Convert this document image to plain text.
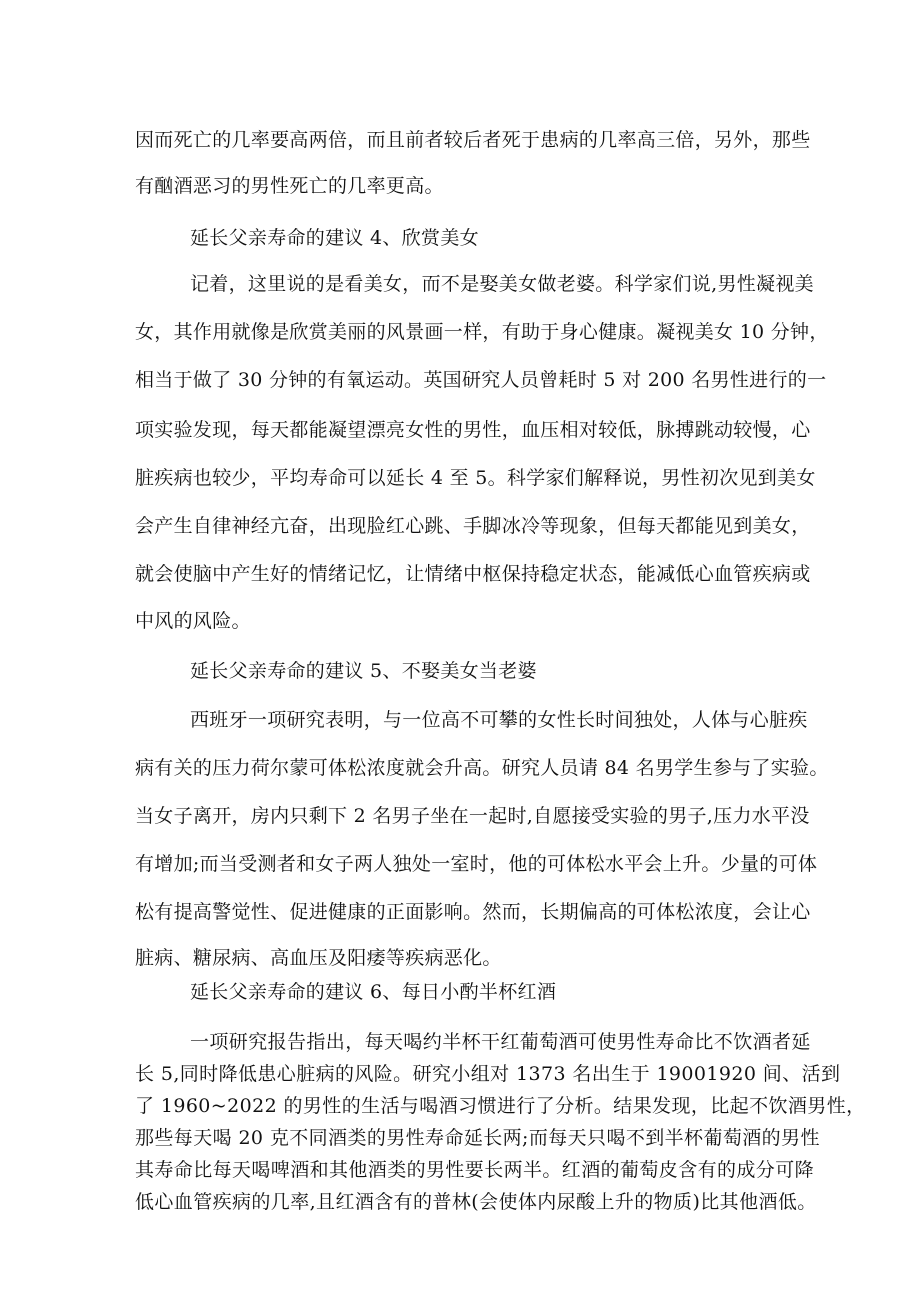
因而死亡的几率要高两倍，而且前者较后者死于患病的几率高三倍，另外，那些

有酗酒恶习的男性死亡的几率更高。

延长父亲寿命的建议 4、欣赏美女

记着，这里说的是看美女，而不是娶美女做老婆。科学家们说,男性凝视美

女，其作用就像是欣赏美丽的风景画一样，有助于身心健康。凝视美女 10 分钟，

相当于做了 30 分钟的有氧运动。英国研究人员曾耗时 5 对 200 名男性进行的一

项实验发现，每天都能凝望漂亮女性的男性，血压相对较低，脉搏跳动较慢，心

脏疾病也较少，平均寿命可以延长 4 至 5。科学家们解释说，男性初次见到美女

会产生自律神经亢奋，出现脸红心跳、手脚冰冷等现象，但每天都能见到美女，

就会使脑中产生好的情绪记忆，让情绪中枢保持稳定状态，能减低心血管疾病或

中风的风险。

延长父亲寿命的建议 5、不娶美女当老婆

西班牙一项研究表明，与一位高不可攀的女性长时间独处，人体与心脏疾

病有关的压力荷尔蒙可体松浓度就会升高。研究人员请 84 名男学生参与了实验。

当女子离开，房内只剩下 2 名男子坐在一起时,自愿接受实验的男子,压力水平没

有增加;而当受测者和女子两人独处一室时，他的可体松水平会上升。少量的可体

松有提高警觉性、促进健康的正面影响。然而，长期偏高的可体松浓度，会让心

脏病、糖尿病、高血压及阳痿等疾病恶化。

延长父亲寿命的建议 6、每日小酌半杯红酒

一项研究报告指出，每天喝约半杯干红葡萄酒可使男性寿命比不饮酒者延

长 5,同时降低患心脏病的风险。研究小组对 1373 名出生于 19001920 间、活到

了 1960~2022 的男性的生活与喝酒习惯进行了分析。结果发现，比起不饮酒男性，

那些每天喝 20 克不同酒类的男性寿命延长两;而每天只喝不到半杯葡萄酒的男性

其寿命比每天喝啤酒和其他酒类的男性要长两半。红酒的葡萄皮含有的成分可降

低心血管疾病的几率,且红酒含有的普林(会使体内尿酸上升的物质)比其他酒低。
